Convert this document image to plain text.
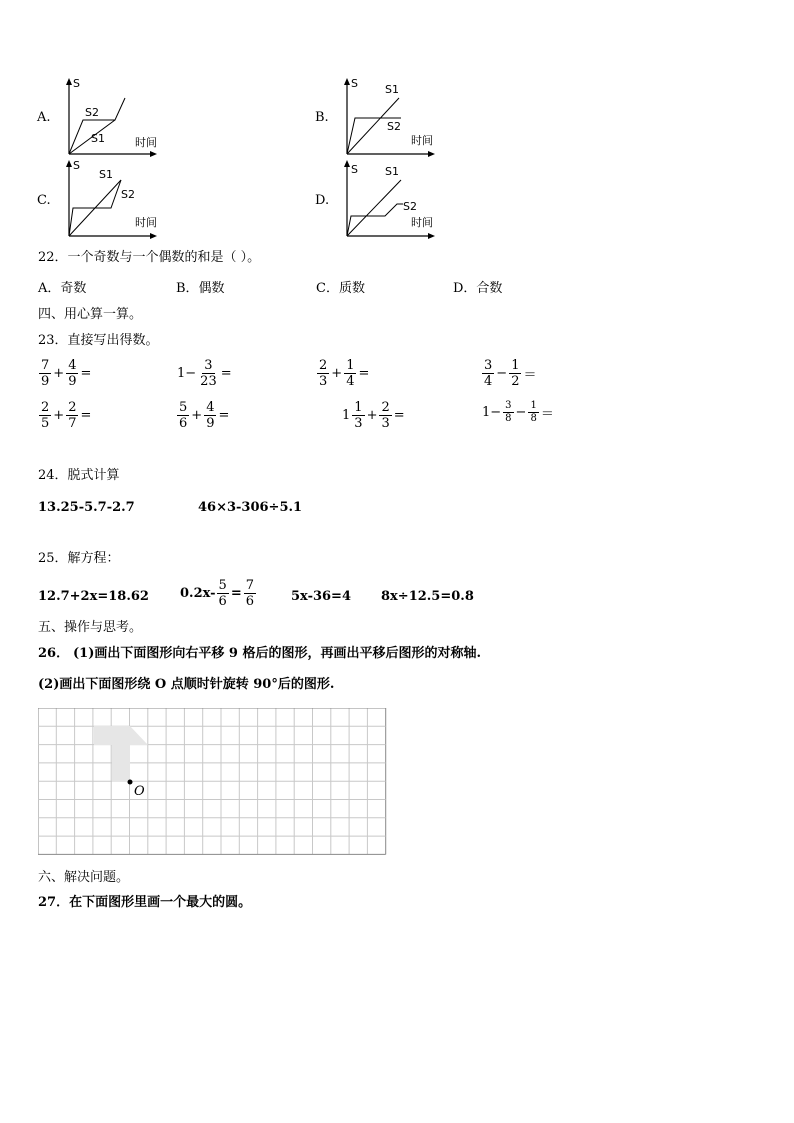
A.
S
S2
S1	时间
B.
S S1
S2
时间
C.
S
S1
S2
时间
D.
S S1
S2
时间
22．一个奇数与一个偶数的和是（ ）。
A．奇数	B．偶数	C．质数	D．合数
四、用心算一算。
23．直接写出得数。
$\frac{7}{9} + \frac{4}{9}$ =	$1- \frac{3}{23}$ =	$\frac{2}{3} + \frac{1}{4}$ =	$\frac{3}{4} - \frac{1}{2}$ ＝
$\frac{2}{5} + \frac{2}{7}$ =	$\frac{5}{6} + \frac{4}{9}$ =	$1 \frac{1}{3} + \frac{2}{3}$ =	$1- \frac{3}{8} - \frac{1}{8}$ ＝
24．脱式计算
13.25-5.7-2.7	46×3-306÷5.1
25．解方程：
12.7+2x=18.62 $0.2x- \frac{5}{6} = \frac{7}{6}$	5x-36=4 8x÷12.5=0.8
五、操作与思考。
26． (1)画出下面图形向右平移 9 格后的图形，再画出平移后图形的对称轴.
(2)画出下面图形绕 O 点顺时针旋转 90°后的图形.
O
六、解决问题。
27．在下面图形里画一个最大的圆。
